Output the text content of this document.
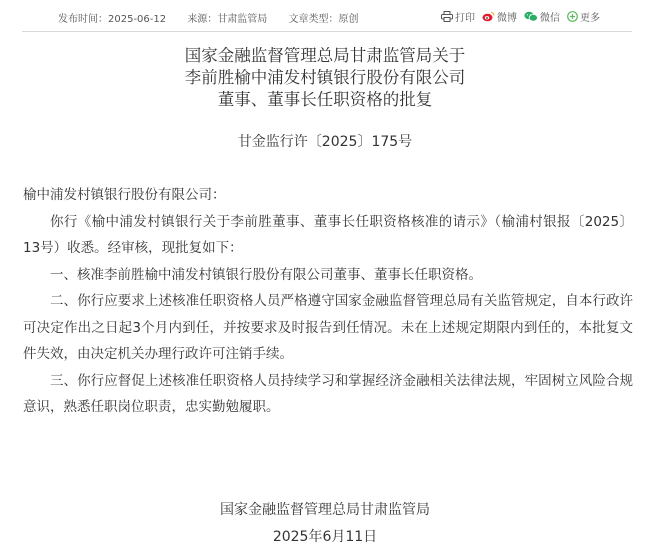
发布时间：2025-06-12 来源：甘肃监管局 文章类型：原创	打印 微博 微信 更多
国家金融监督管理总局甘肃监管局关于
李前胜榆中浦发村镇银行股份有限公司
董事、董事长任职资格的批复
甘金监行许〔2025〕175号

榆中浦发村镇银行股份有限公司：

你行《榆中浦发村镇银行关于李前胜董事、董事长任职资格核准的请示》（榆浦村银报〔2025〕13号）收悉。经审核，现批复如下：

一、核准李前胜榆中浦发村镇银行股份有限公司董事、董事长任职资格。

二、你行应要求上述核准任职资格人员严格遵守国家金融监督管理总局有关监管规定，自本行政许可决定作出之日起3个月内到任，并按要求及时报告到任情况。未在上述规定期限内到任的，本批复文件失效，由决定机关办理行政许可注销手续。

三、你行应督促上述核准任职资格人员持续学习和掌握经济金融相关法律法规，牢固树立风险合规意识，熟悉任职岗位职责，忠实勤勉履职。

国家金融监督管理总局甘肃监管局
2025年6月11日
